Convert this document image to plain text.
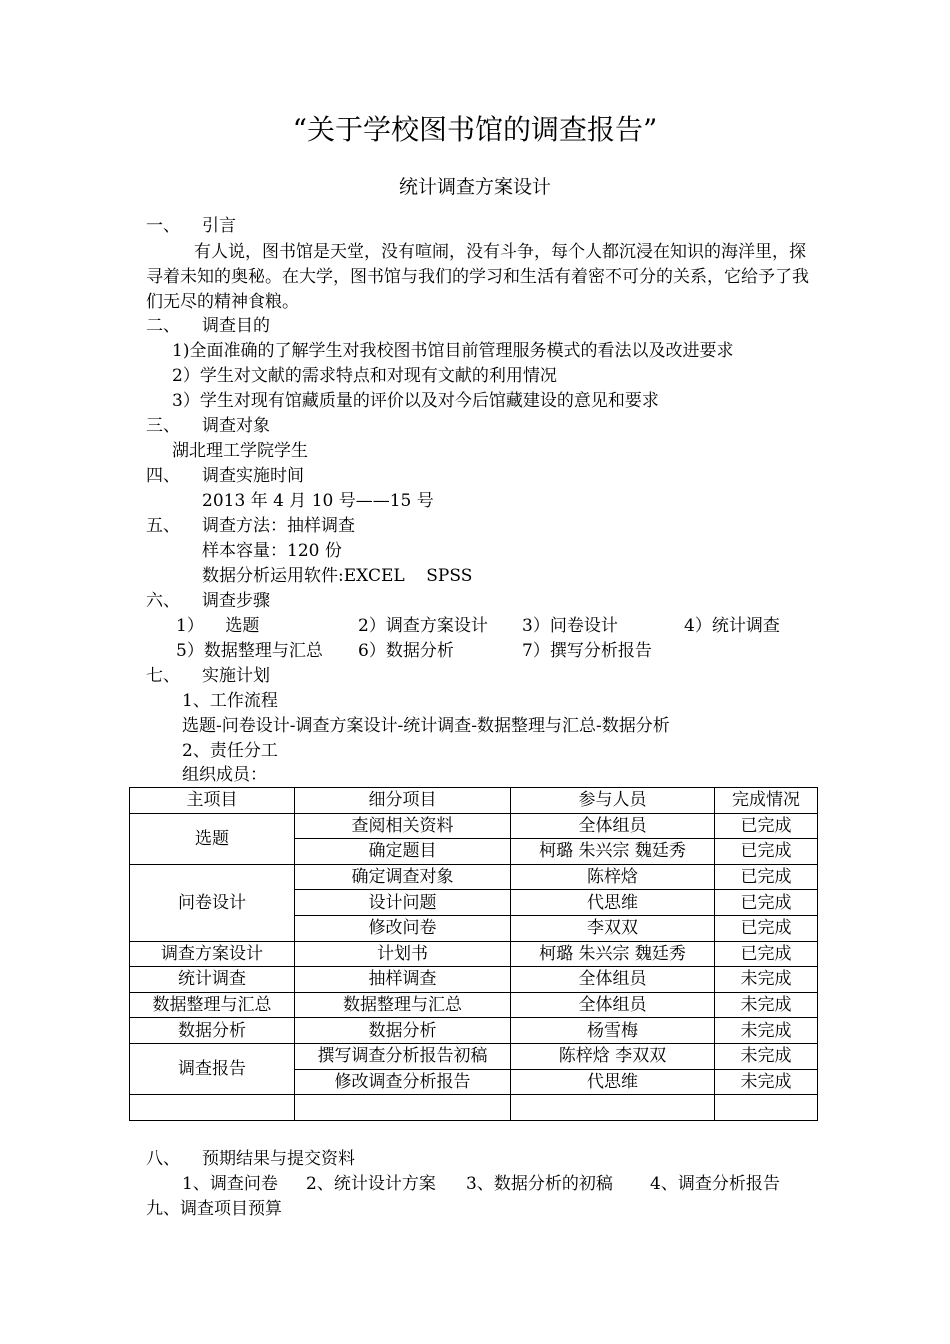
“关于学校图书馆的调查报告”
统计调查方案设计
一、 引言
有人说，图书馆是天堂，没有喧闹，没有斗争，每个人都沉浸在知识的海洋里，探寻着未知的奥秘。在大学，图书馆与我们的学习和生活有着密不可分的关系，它给予了我们无尽的精神食粮。
二、 调查目的
1)全面准确的了解学生对我校图书馆目前管理服务模式的看法以及改进要求
2）学生对文献的需求特点和对现有文献的利用情况
3）学生对现有馆藏质量的评价以及对今后馆藏建设的意见和要求
三、 调查对象
湖北理工学院学生
四、 调查实施时间
2013 年 4 月 10 号——15 号
五、 调查方法：抽样调查
样本容量：120 份
数据分析运用软件:EXCEL    SPSS
六、 调查步骤
1）    选题	2）调查方案设计 3）问卷设计	4）统计调查
5）数据整理与汇总 6）数据分析	7）撰写分析报告
七、 实施计划
1、工作流程
选题-问卷设计-调查方案设计-统计调查-数据整理与汇总-数据分析
2、责任分工
组织成员：
主项目	细分项目	参与人员	完成情况
选题	查阅相关资料	全体组员	已完成
	确定题目	柯璐 朱兴宗 魏廷秀	已完成
问卷设计	确定调查对象	陈梓焓	已完成
	设计问题	代思维	已完成
	修改问卷	李双双	已完成
调查方案设计	计划书	柯璐 朱兴宗 魏廷秀	已完成
统计调查	抽样调查	全体组员	未完成
数据整理与汇总	数据整理与汇总	全体组员	未完成
数据分析	数据分析	杨雪梅	未完成
调查报告	撰写调查分析报告初稿	陈梓焓 李双双	未完成
	修改调查分析报告	代思维	未完成

八、 预期结果与提交资料
1、调查问卷 2、统计设计方案 3、数据分析的初稿 4、调查分析报告
九、调查项目预算
